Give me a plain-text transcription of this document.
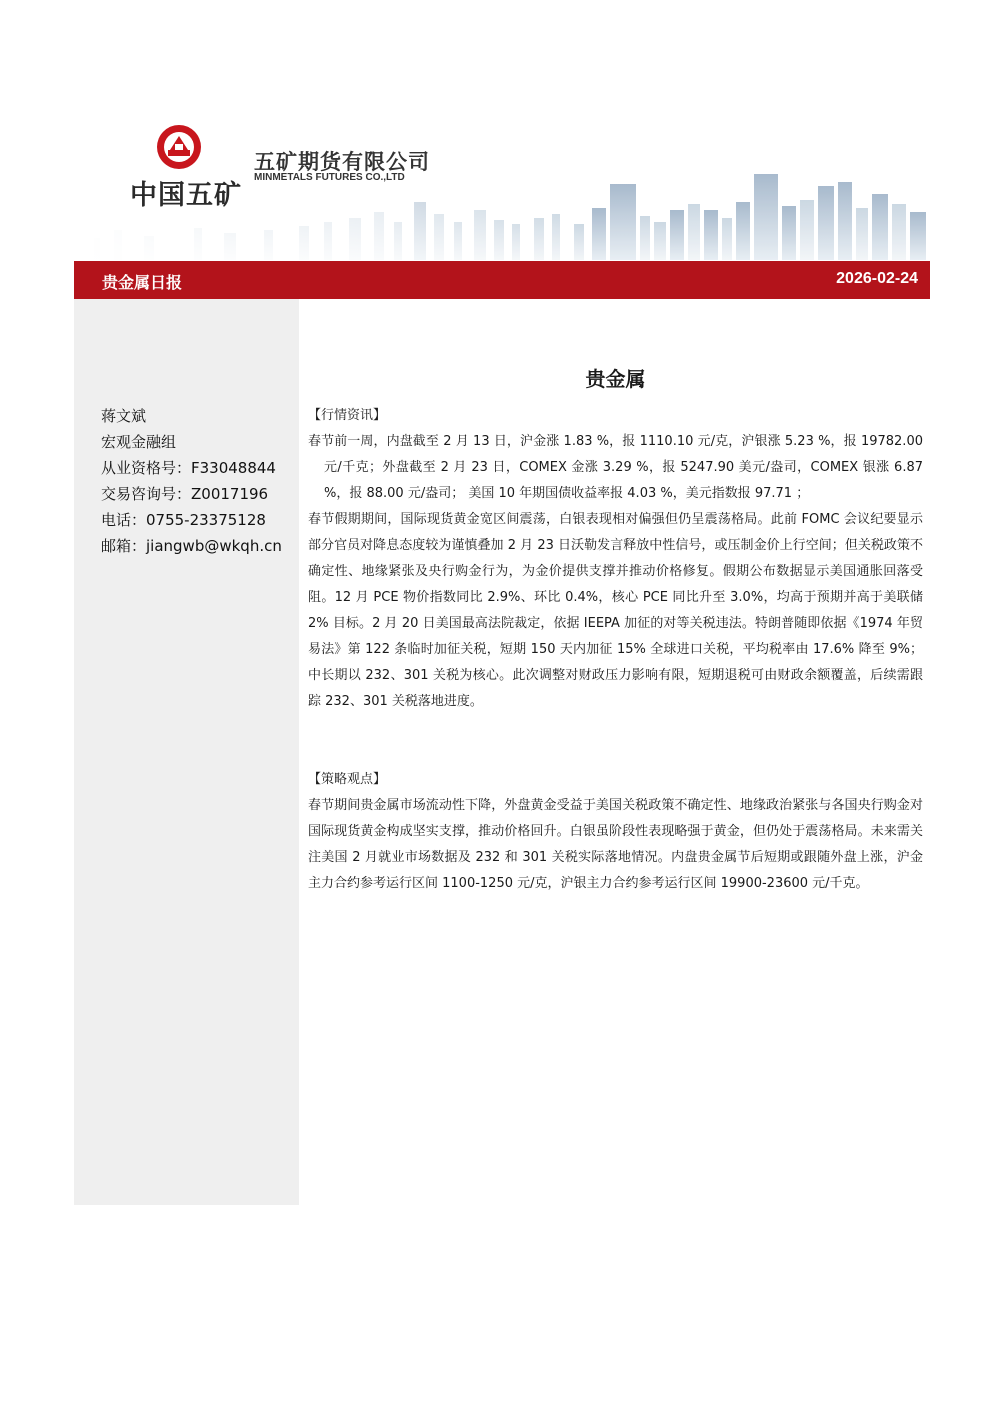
中国五矿
五矿期货有限公司
MINMETALS FUTURES CO.,LTD
贵金属日报	2026-02-24
蒋文斌
宏观金融组
从业资格号：F33048844
交易咨询号：Z0017196
电话：0755-23375128
邮箱：jiangwb@wkqh.cn
贵金属

【行情资讯】

春节前一周，内盘截至 2 月 13 日，沪金涨 1.83 %，报 1110.10 元/克，沪银涨 5.23 %，报 19782.00 元/千克；外盘截至 2 月 23 日，COMEX 金涨 3.29 %，报 5247.90 美元/盎司，COMEX 银涨 6.87 %，报 88.00 元/盎司； 美国 10 年期国债收益率报 4.03 %，美元指数报 97.71 ；

春节假期期间，国际现货黄金宽区间震荡，白银表现相对偏强但仍呈震荡格局。此前 FOMC 会议纪要显示部分官员对降息态度较为谨慎叠加 2 月 23 日沃勒发言释放中性信号，或压制金价上行空间；但关税政策不确定性、地缘紧张及央行购金行为，为金价提供支撑并推动价格修复。假期公布数据显示美国通胀回落受阻。12 月 PCE 物价指数同比 2.9%、环比 0.4%，核心 PCE 同比升至 3.0%，均高于预期并高于美联储 2% 目标。2 月 20 日美国最高法院裁定，依据 IEEPA 加征的对等关税违法。特朗普随即依据《1974 年贸易法》第 122 条临时加征关税，短期 150 天内加征 15% 全球进口关税，平均税率由 17.6% 降至 9%；中长期以 232、301 关税为核心。此次调整对财政压力影响有限，短期退税可由财政余额覆盖，后续需跟踪 232、301 关税落地进度。

【策略观点】

春节期间贵金属市场流动性下降，外盘黄金受益于美国关税政策不确定性、地缘政治紧张与各国央行购金对国际现货黄金构成坚实支撑，推动价格回升。白银虽阶段性表现略强于黄金，但仍处于震荡格局。未来需关注美国 2 月就业市场数据及 232 和 301 关税实际落地情况。内盘贵金属节后短期或跟随外盘上涨，沪金主力合约参考运行区间 1100-1250 元/克，沪银主力合约参考运行区间 19900-23600 元/千克。
